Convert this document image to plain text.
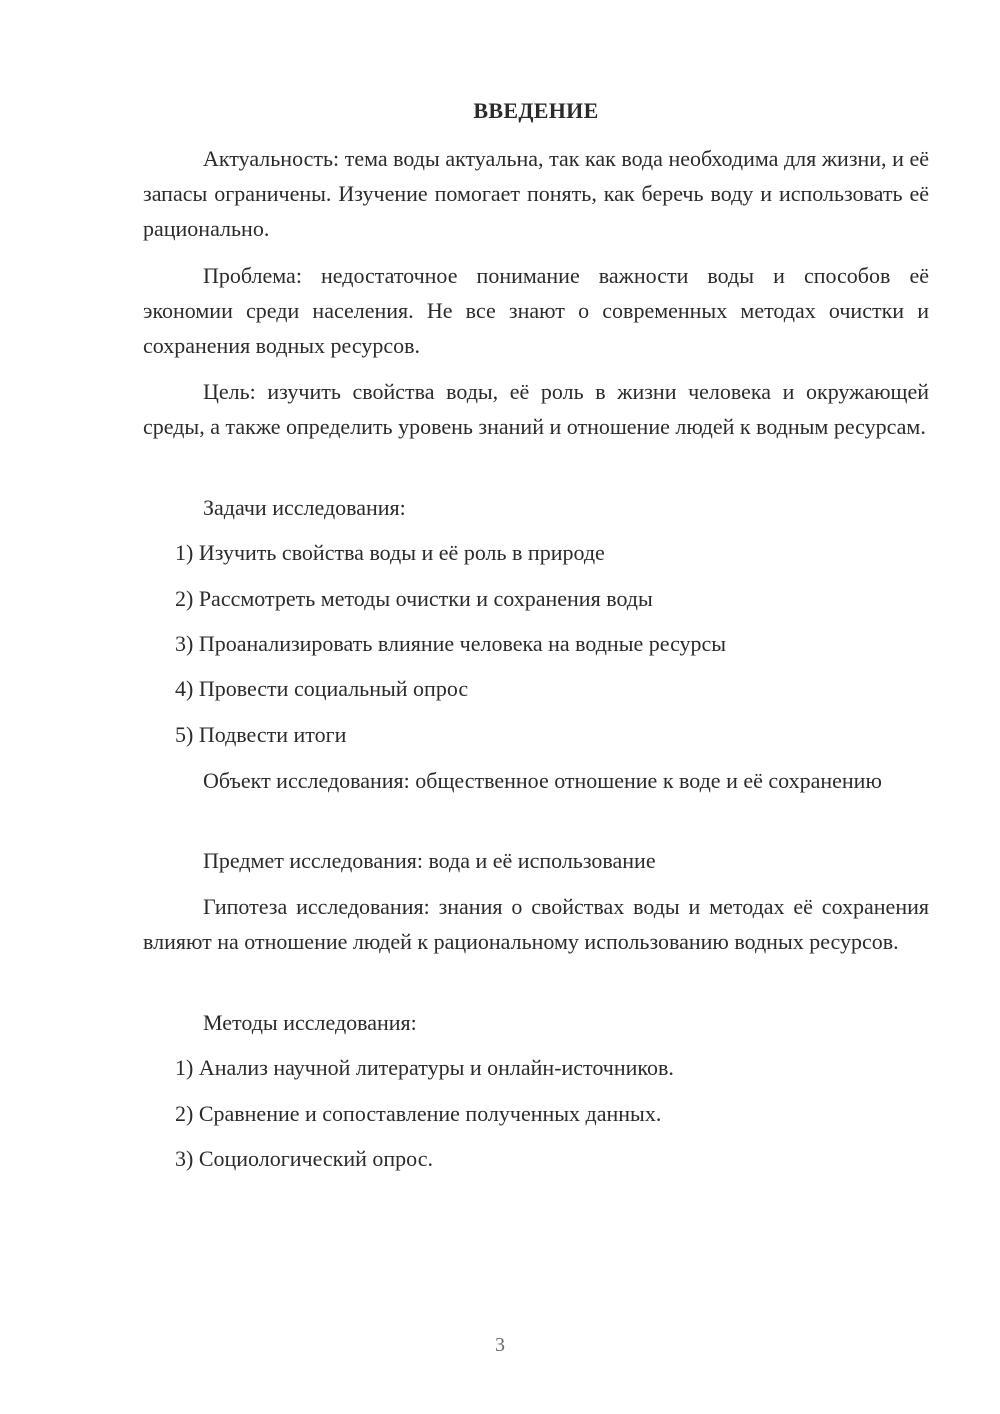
ВВЕДЕНИЕ

Актуальность: тема воды актуальна, так как вода необходима для жизни, и её запасы ограничены. Изучение помогает понять, как беречь воду и использовать её рационально.

Проблема: недостаточное понимание важности воды и способов её экономии среди населения. Не все знают о современных методах очистки и сохранения водных ресурсов.

Цель: изучить свойства воды, её роль в жизни человека и окружающей среды, а также определить уровень знаний и отношение людей к водным ресурсам.

Задачи исследования:

1) Изучить свойства воды и её роль в природе

2) Рассмотреть методы очистки и сохранения воды

3) Проанализировать влияние человека на водные ресурсы

4) Провести социальный опрос

5) Подвести итоги

Объект исследования: общественное отношение к воде и её сохранению

Предмет исследования: вода и её использование

Гипотеза исследования: знания о свойствах воды и методах её сохранения влияют на отношение людей к рациональному использованию водных ресурсов.

Методы исследования:

1) Анализ научной литературы и онлайн-источников.

2) Сравнение и сопоставление полученных данных.

3) Социологический опрос.

3
